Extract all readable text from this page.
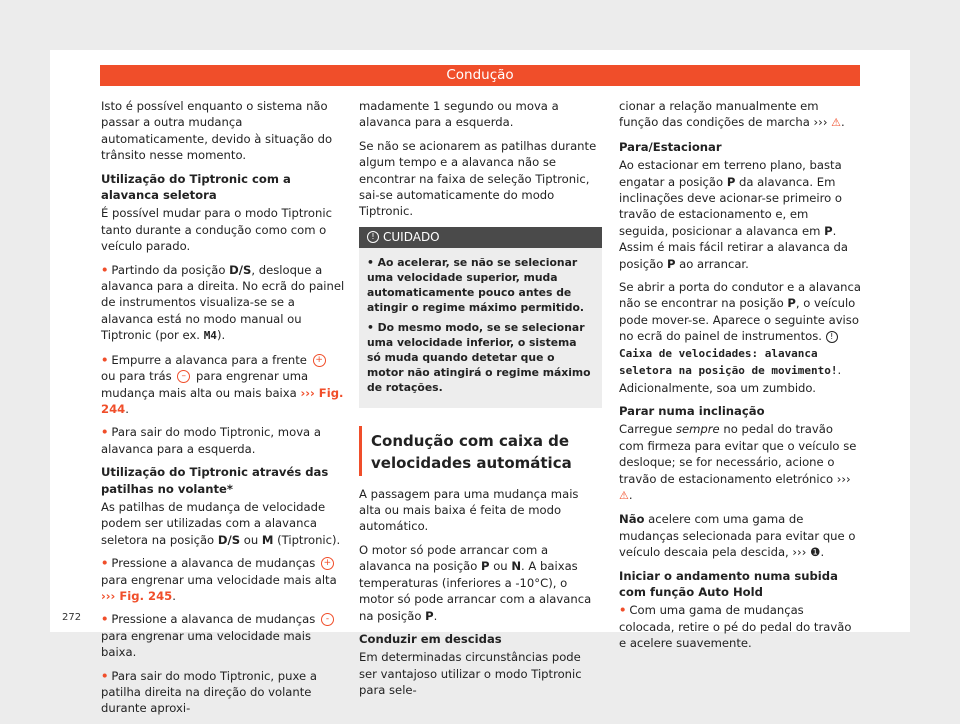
Condução

Isto é possível enquanto o sistema não passar a outra mudança automaticamente, devido à situação do trânsito nesse momento.

Utilização do Tiptronic com a alavanca seletora

É possível mudar para o modo Tiptronic tanto durante a condução como com o veículo parado.

• Partindo da posição D/S, desloque a alavanca para a direita. No ecrã do painel de instrumentos visualiza-se se a alavanca está no modo manual ou Tiptronic (por ex. M4).

• Empurre a alavanca para a frente + ou para trás – para engrenar uma mudança mais alta ou mais baixa ››› Fig. 244.

• Para sair do modo Tiptronic, mova a alavanca para a esquerda.

Utilização do Tiptronic através das patilhas no volante*

As patilhas de mudança de velocidade podem ser utilizadas com a alavanca seletora na posição D/S ou M (Tiptronic).

• Pressione a alavanca de mudanças + para engrenar uma velocidade mais alta ››› Fig. 245.

• Pressione a alavanca de mudanças - para engrenar uma velocidade mais baixa.

• Para sair do modo Tiptronic, puxe a patilha direita na direção do volante durante aproxi-

madamente 1 segundo ou mova a alavanca para a esquerda.

Se não se acionarem as patilhas durante algum tempo e a alavanca não se encontrar na faixa de seleção Tiptronic, sai-se automaticamente do modo Tiptronic.

! CUIDADO

• Ao acelerar, se não se selecionar uma velocidade superior, muda automaticamente pouco antes de atingir o regime máximo permitido.

• Do mesmo modo, se se selecionar uma velocidade inferior, o sistema só muda quando detetar que o motor não atingirá o regime máximo de rotações.

Condução com caixa de velocidades automática

A passagem para uma mudança mais alta ou mais baixa é feita de modo automático.

O motor só pode arrancar com a alavanca na posição P ou N. A baixas temperaturas (inferiores a -10°C), o motor só pode arrancar com a alavanca na posição P.

Conduzir em descidas

Em determinadas circunstâncias pode ser vantajoso utilizar o modo Tiptronic para sele-

cionar a relação manualmente em função das condições de marcha ››› ⚠.

Para/Estacionar

Ao estacionar em terreno plano, basta engatar a posição P da alavanca. Em inclinações deve acionar-se primeiro o travão de estacionamento e, em seguida, posicionar a alavanca em P. Assim é mais fácil retirar a alavanca da posição P ao arrancar.

Se abrir a porta do condutor e a alavanca não se encontrar na posição P, o veículo pode mover-se. Aparece o seguinte aviso no ecrã do painel de instrumentos. !Caixa de velocidades: alavanca seletora na posição de movimento!. Adicionalmente, soa um zumbido.

Parar numa inclinação

Carregue sempre no pedal do travão com firmeza para evitar que o veículo se desloque; se for necessário, acione o travão de estacionamento eletrónico ››› ⚠.

Não acelere com uma gama de mudanças selecionada para evitar que o veículo descaia pela descida, ››› ❶.

Iniciar o andamento numa subida com função Auto Hold

• Com uma gama de mudanças colocada, retire o pé do pedal do travão e acelere suavemente.

272
